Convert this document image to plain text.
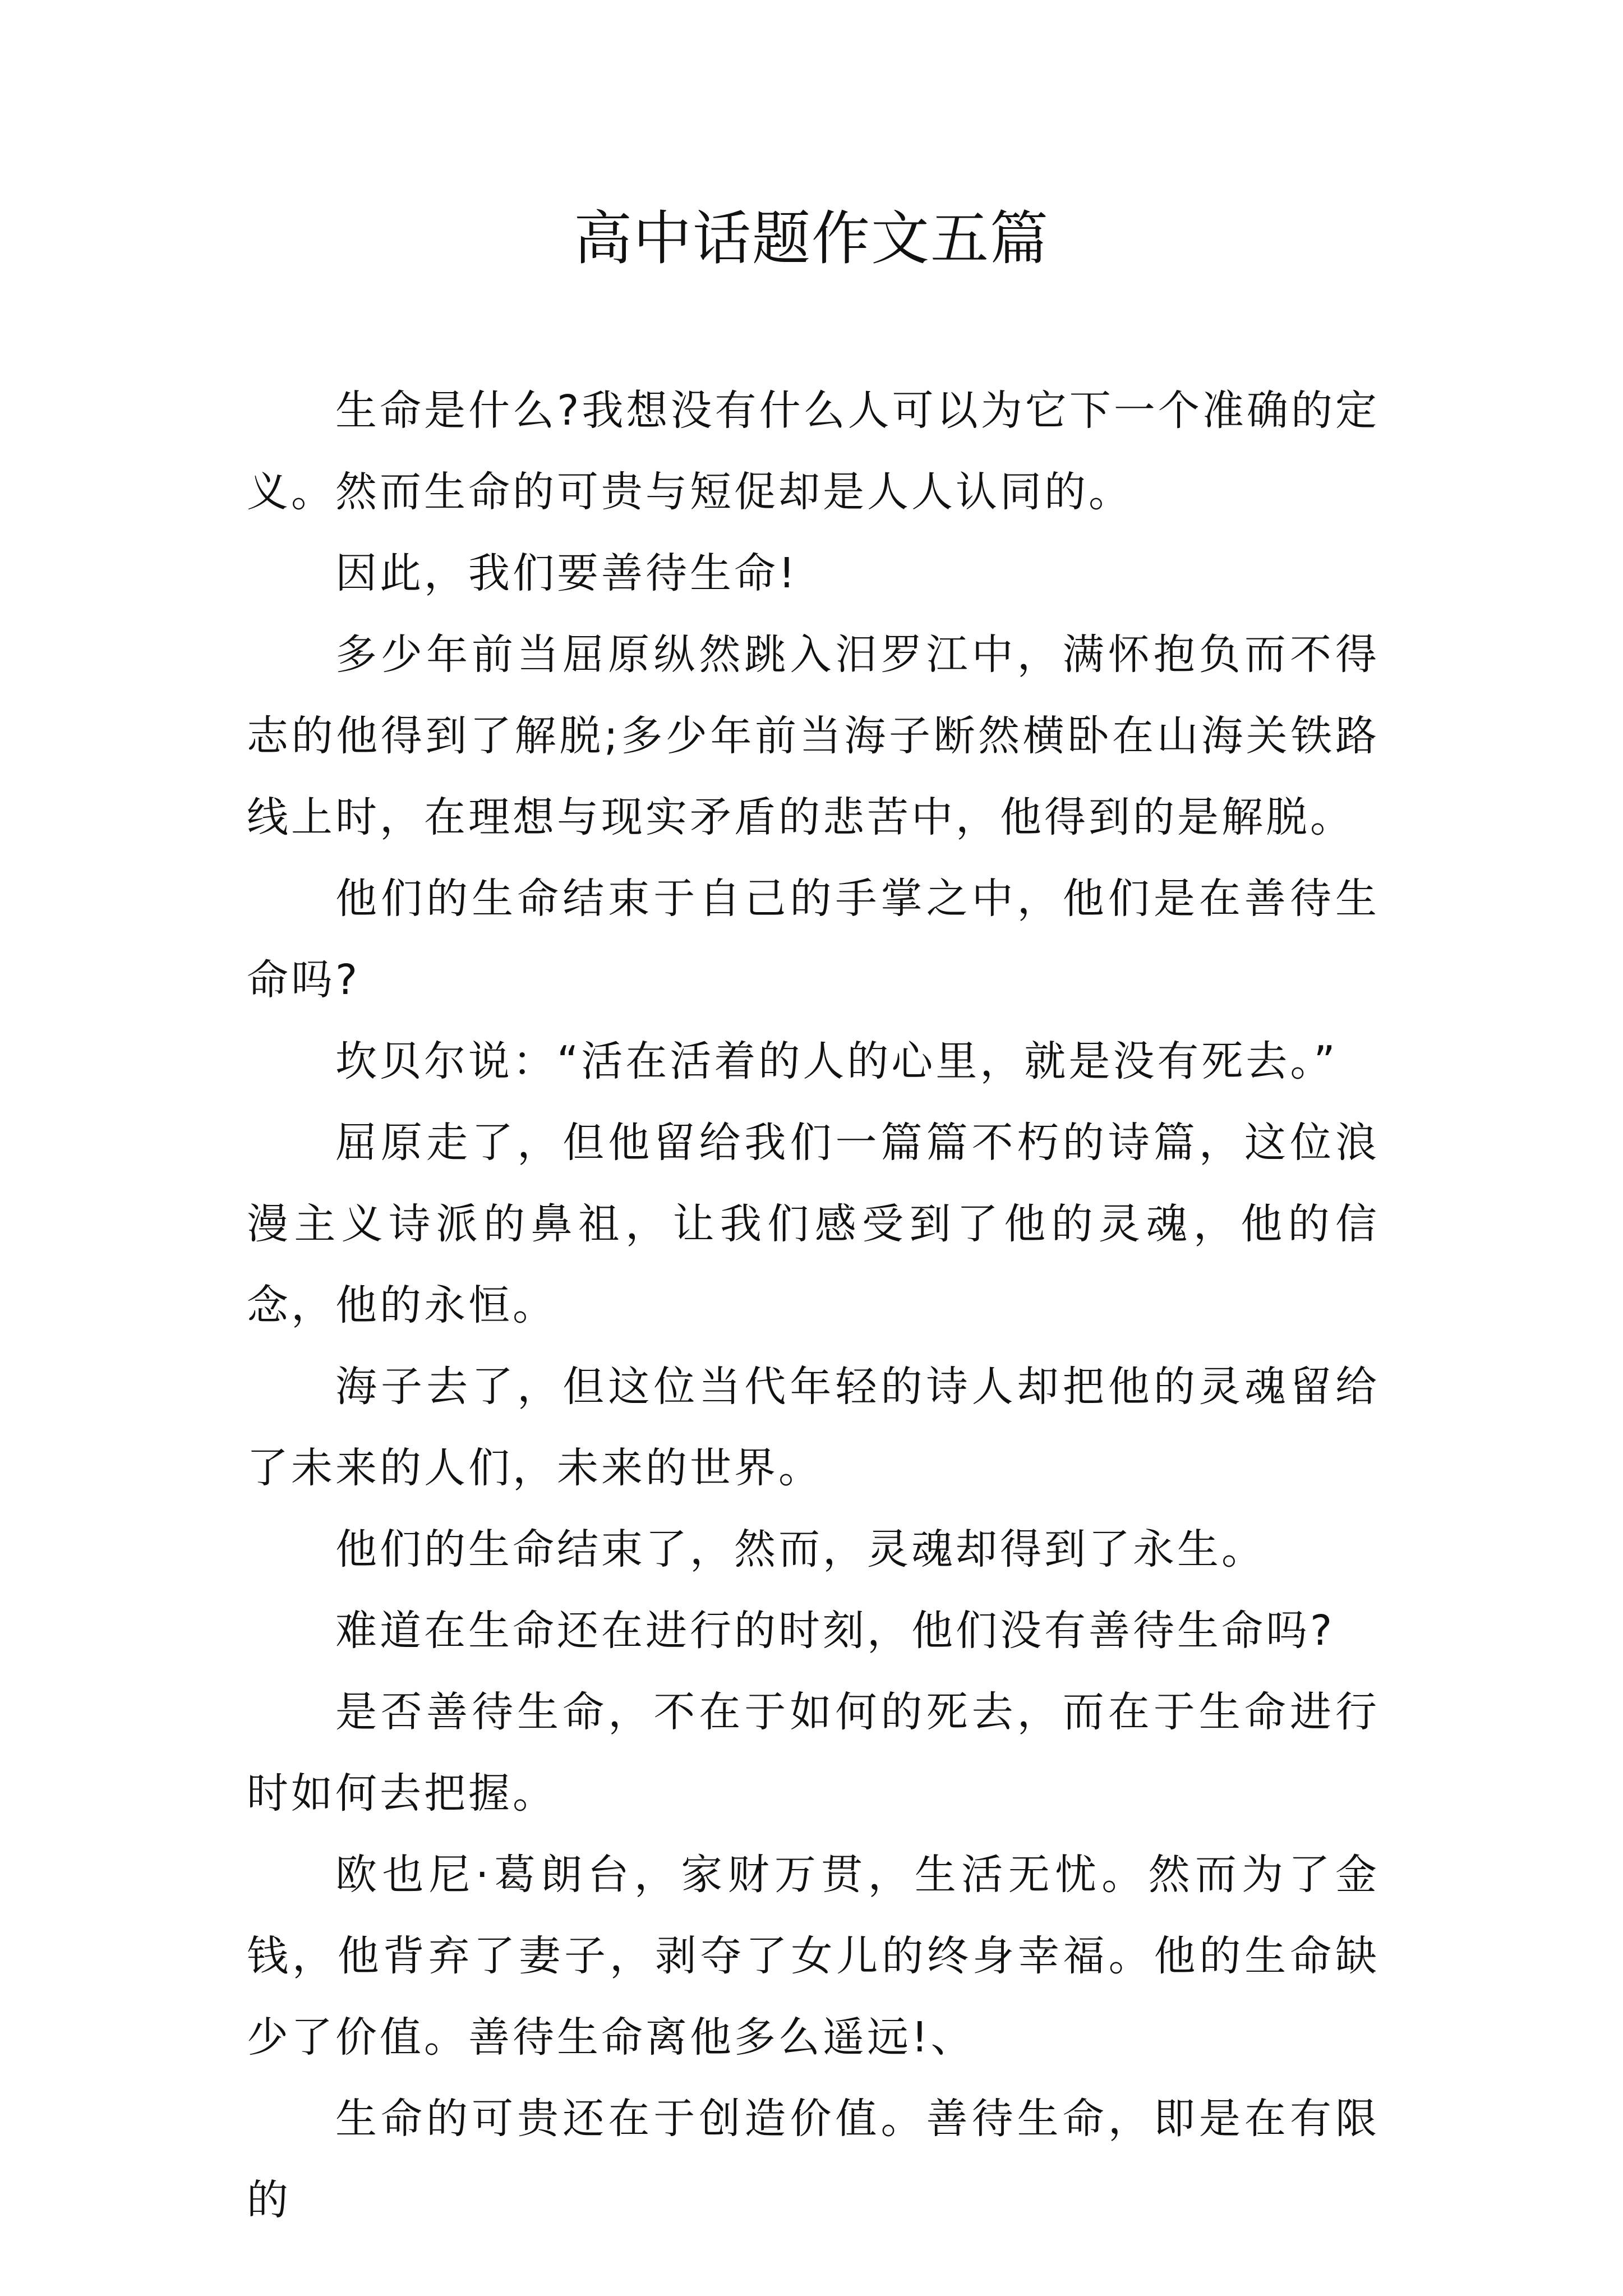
高中话题作文五篇

生命是什么?我想没有什么人可以为它下一个准确的定义。然而生命的可贵与短促却是人人认同的。

因此，我们要善待生命!

多少年前当屈原纵然跳入汨罗江中，满怀抱负而不得志的他得到了解脱;多少年前当海子断然横卧在山海关铁路线上时，在理想与现实矛盾的悲苦中，他得到的是解脱。

他们的生命结束于自己的手掌之中，他们是在善待生命吗?

坎贝尔说：“活在活着的人的心里，就是没有死去。”

屈原走了，但他留给我们一篇篇不朽的诗篇，这位浪漫主义诗派的鼻祖，让我们感受到了他的灵魂，他的信念，他的永恒。

海子去了，但这位当代年轻的诗人却把他的灵魂留给了未来的人们，未来的世界。

他们的生命结束了，然而，灵魂却得到了永生。

难道在生命还在进行的时刻，他们没有善待生命吗?

是否善待生命，不在于如何的死去，而在于生命进行时如何去把握。

欧也尼·葛朗台，家财万贯，生活无忧。然而为了金钱，他背弃了妻子，剥夺了女儿的终身幸福。他的生命缺少了价值。善待生命离他多么遥远!、

生命的可贵还在于创造价值。善待生命，即是在有限的
